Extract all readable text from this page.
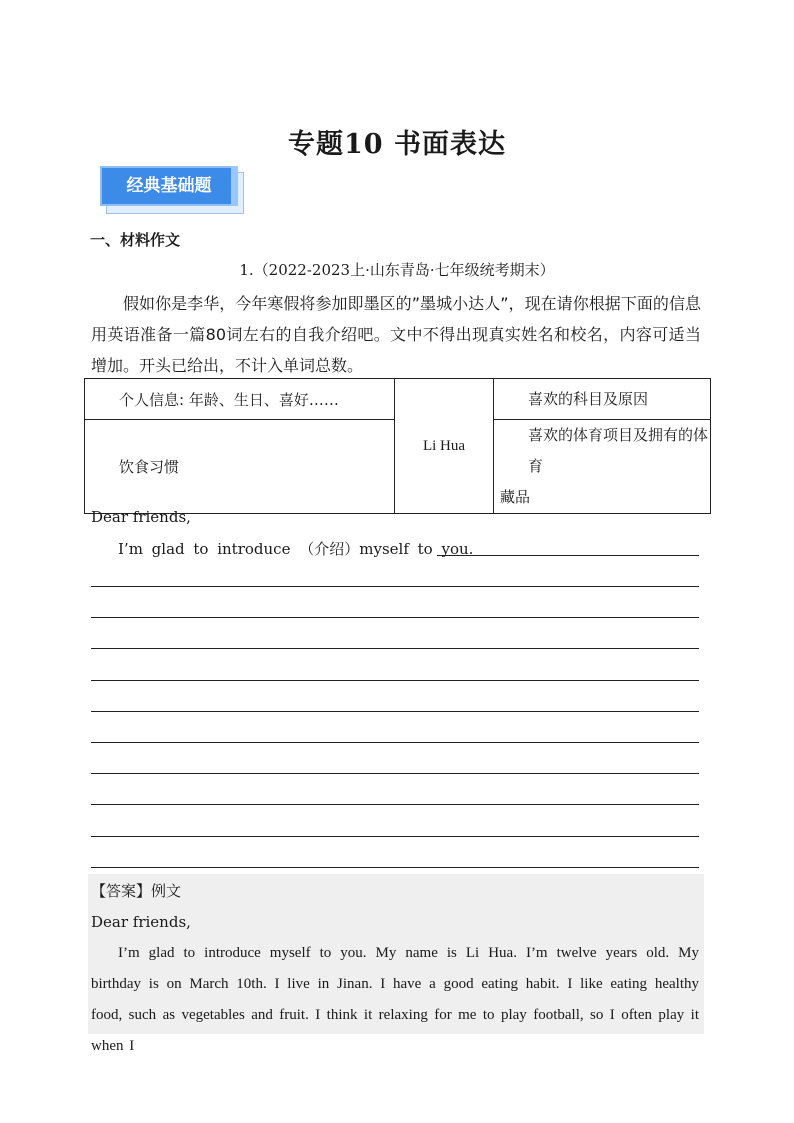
专题10 书面表达
经典基础题
一、材料作文
1.（2022-2023上·山东青岛·七年级统考期末）
假如你是李华，今年寒假将参加即墨区的”墨城小达人”，现在请你根据下面的信息用英语准备一篇80词左右的自我介绍吧。文中不得出现真实姓名和校名，内容可适当增加。开头已给出，不计入单词总数。
个人信息: 年龄、生日、喜好……	Li Hua	喜欢的科目及原因
饮食习惯		喜欢的体育项目及拥有的体育
藏品
Dear friends,
I’m glad to introduce （介绍）myself to you.
【答案】例文
Dear friends,
I’m glad to introduce myself to you. My name is Li Hua. I’m twelve years old. My birthday is on March 10th. I live in Jinan. I have a good eating habit. I like eating healthy food, such as vegetables and fruit. I think it relaxing for me to play football, so I often play it when I
